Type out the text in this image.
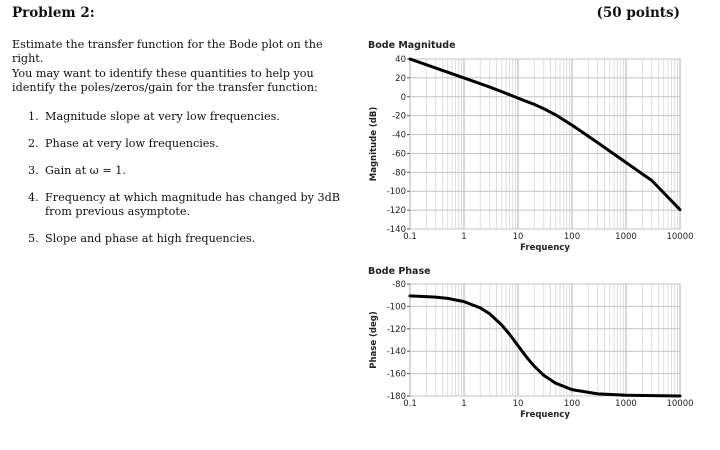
Problem 2:	(50 points)

Estimate the transfer function for the Bode plot on the right.

You may want to identify these quantities to help you identify the poles/zeros/gain for the transfer function:

1. Magnitude slope at very low frequencies.
2. Phase at very low frequencies.
3. Gain at ω = 1.
4. Frequency at which magnitude has changed by 3dB from previous asymptote.
5. Slope and phase at high frequencies.
40
20
0
-20
-40
-60
-80
-100
-120
-140
0.1	1	10	100	1000	10000
Bode Magnitude
Frequency
Magnitude (dB)
-80
-100
-120
-140
-160
-180
0.1	1	10	100	1000	10000
Bode Phase
Frequency
Phase (deg)
